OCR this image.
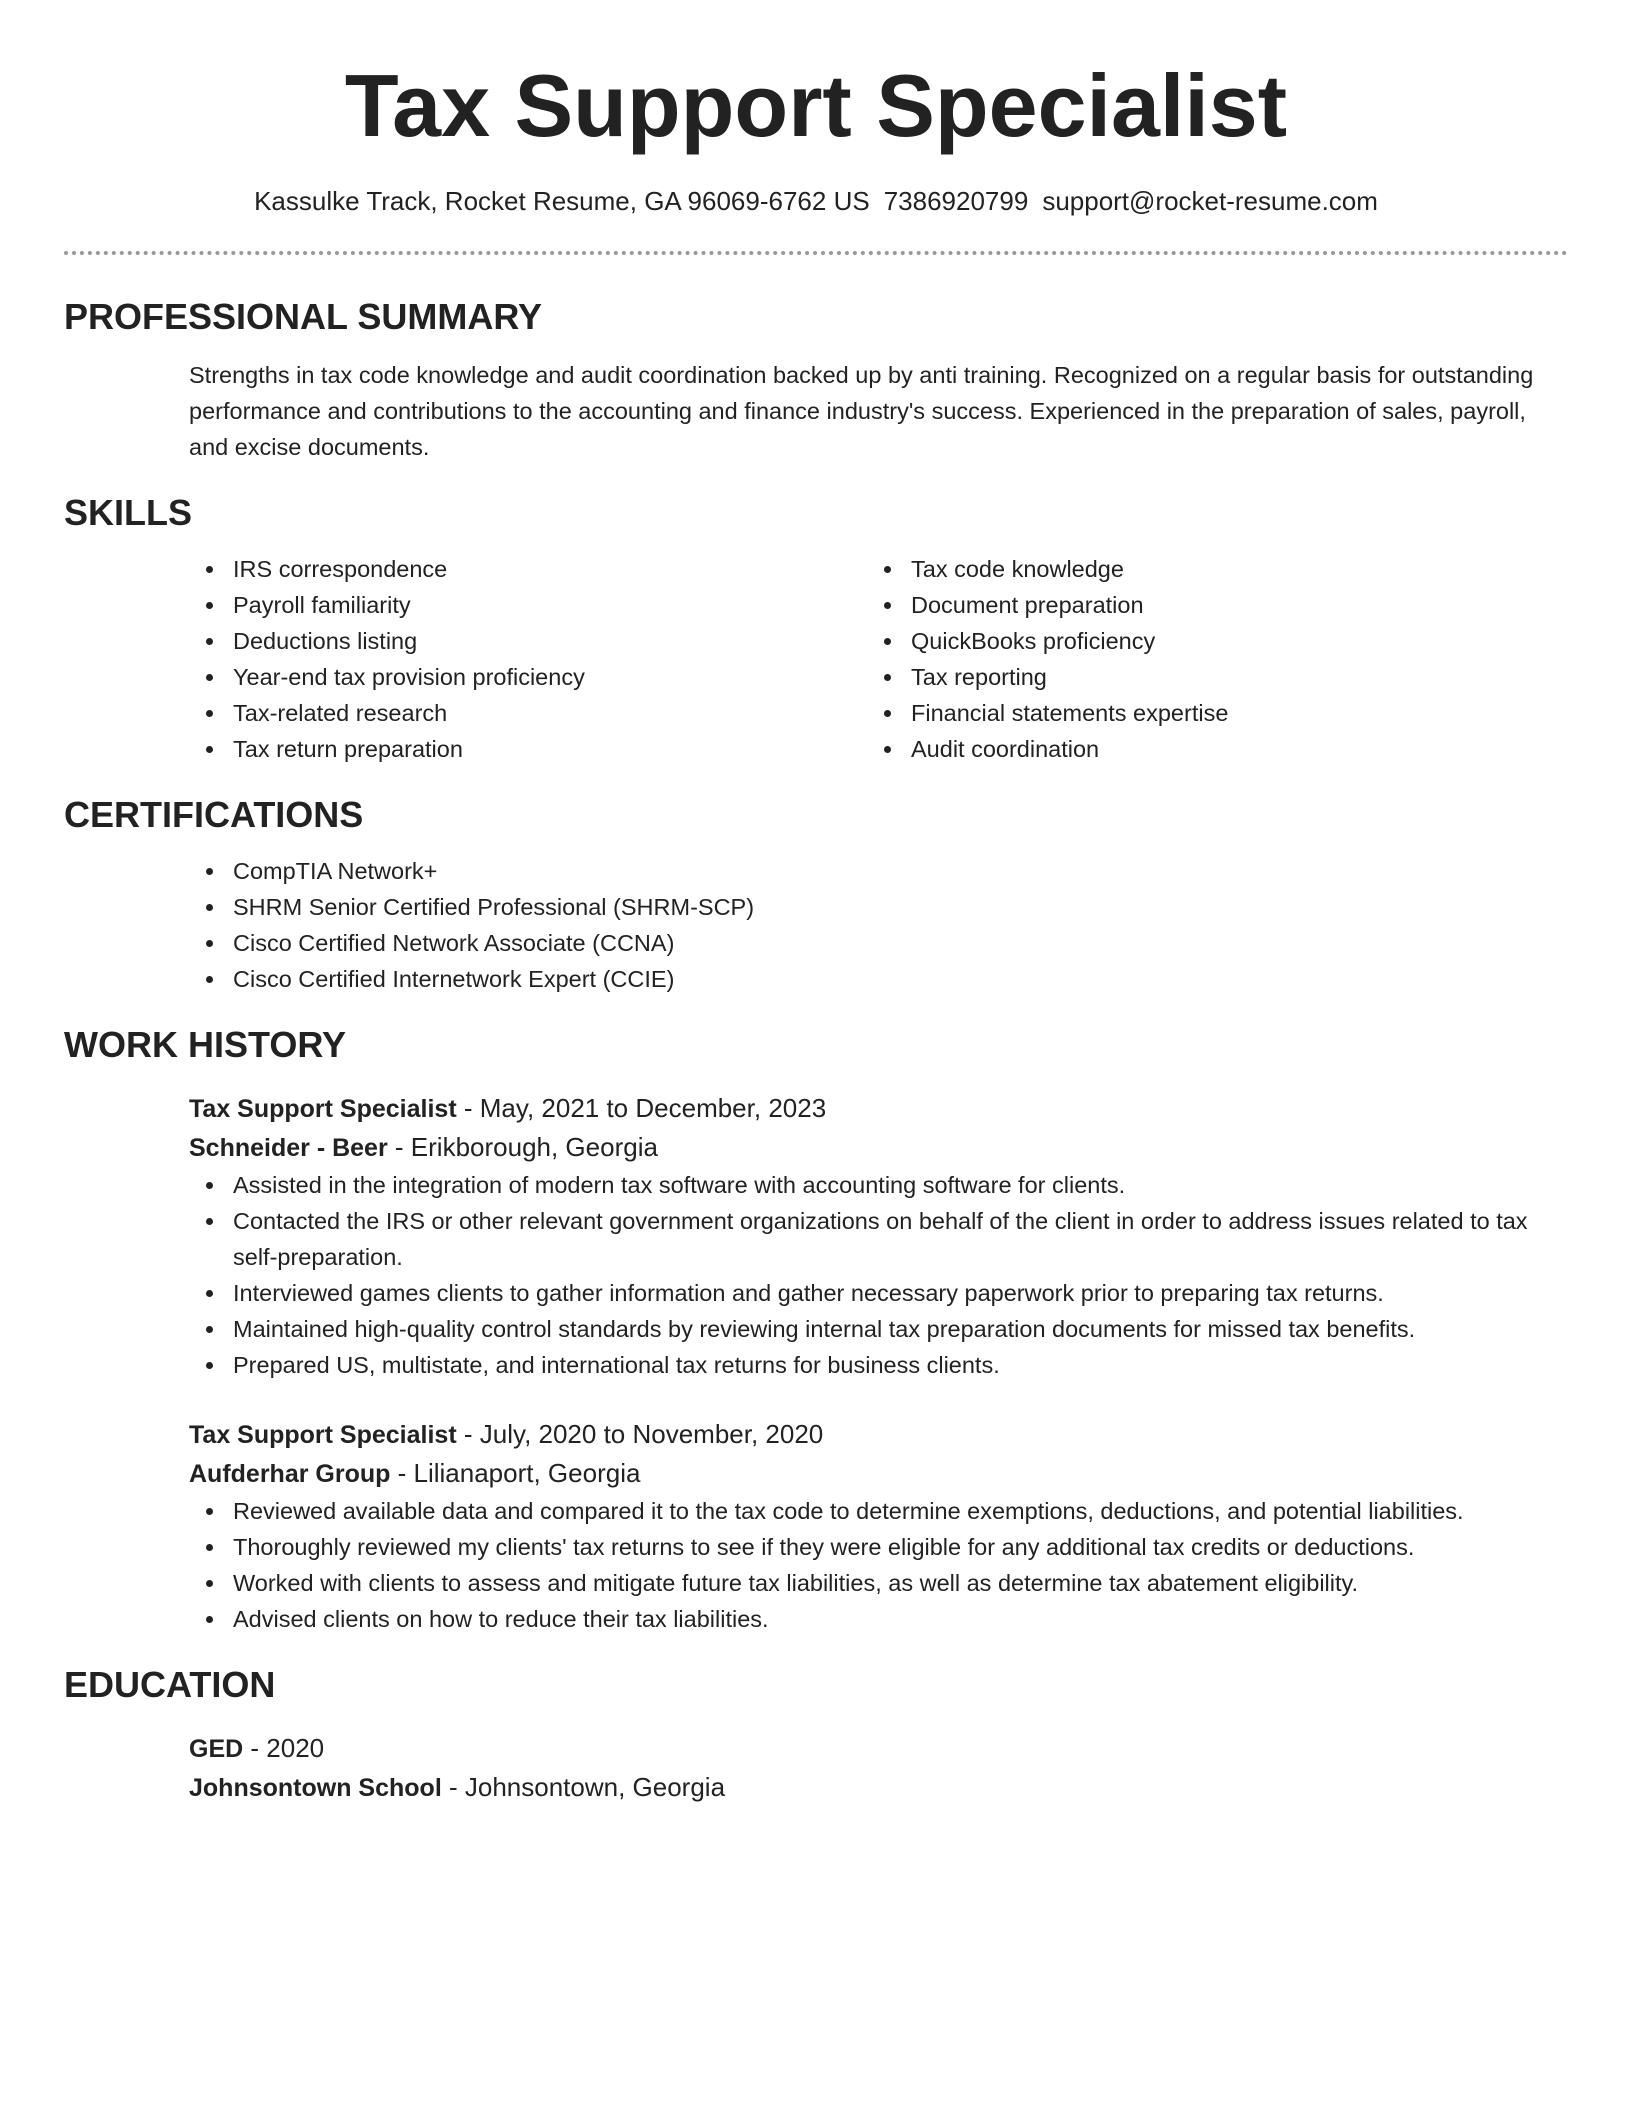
Tax Support Specialist
Kassulke Track, Rocket Resume, GA 96069-6762 US 7386920799 support@rocket-resume.com
PROFESSIONAL SUMMARY
Strengths in tax code knowledge and audit coordination backed up by anti training. Recognized on a regular basis for outstanding performance and contributions to the accounting and finance industry's success. Experienced in the preparation of sales, payroll, and excise documents.
SKILLS
IRS correspondence
Payroll familiarity
Deductions listing
Year-end tax provision proficiency
Tax-related research
Tax return preparation
Tax code knowledge
Document preparation
QuickBooks proficiency
Tax reporting
Financial statements expertise
Audit coordination
CERTIFICATIONS
CompTIA Network+
SHRM Senior Certified Professional (SHRM-SCP)
Cisco Certified Network Associate (CCNA)
Cisco Certified Internetwork Expert (CCIE)
WORK HISTORY
Tax Support Specialist - May, 2021 to December, 2023
Schneider - Beer - Erikborough, Georgia
Assisted in the integration of modern tax software with accounting software for clients.
Contacted the IRS or other relevant government organizations on behalf of the client in order to address issues related to tax self-preparation.
Interviewed games clients to gather information and gather necessary paperwork prior to preparing tax returns.
Maintained high-quality control standards by reviewing internal tax preparation documents for missed tax benefits.
Prepared US, multistate, and international tax returns for business clients.
Tax Support Specialist - July, 2020 to November, 2020
Aufderhar Group - Lilianaport, Georgia
Reviewed available data and compared it to the tax code to determine exemptions, deductions, and potential liabilities.
Thoroughly reviewed my clients' tax returns to see if they were eligible for any additional tax credits or deductions.
Worked with clients to assess and mitigate future tax liabilities, as well as determine tax abatement eligibility.
Advised clients on how to reduce their tax liabilities.
EDUCATION
GED - 2020
Johnsontown School - Johnsontown, Georgia
